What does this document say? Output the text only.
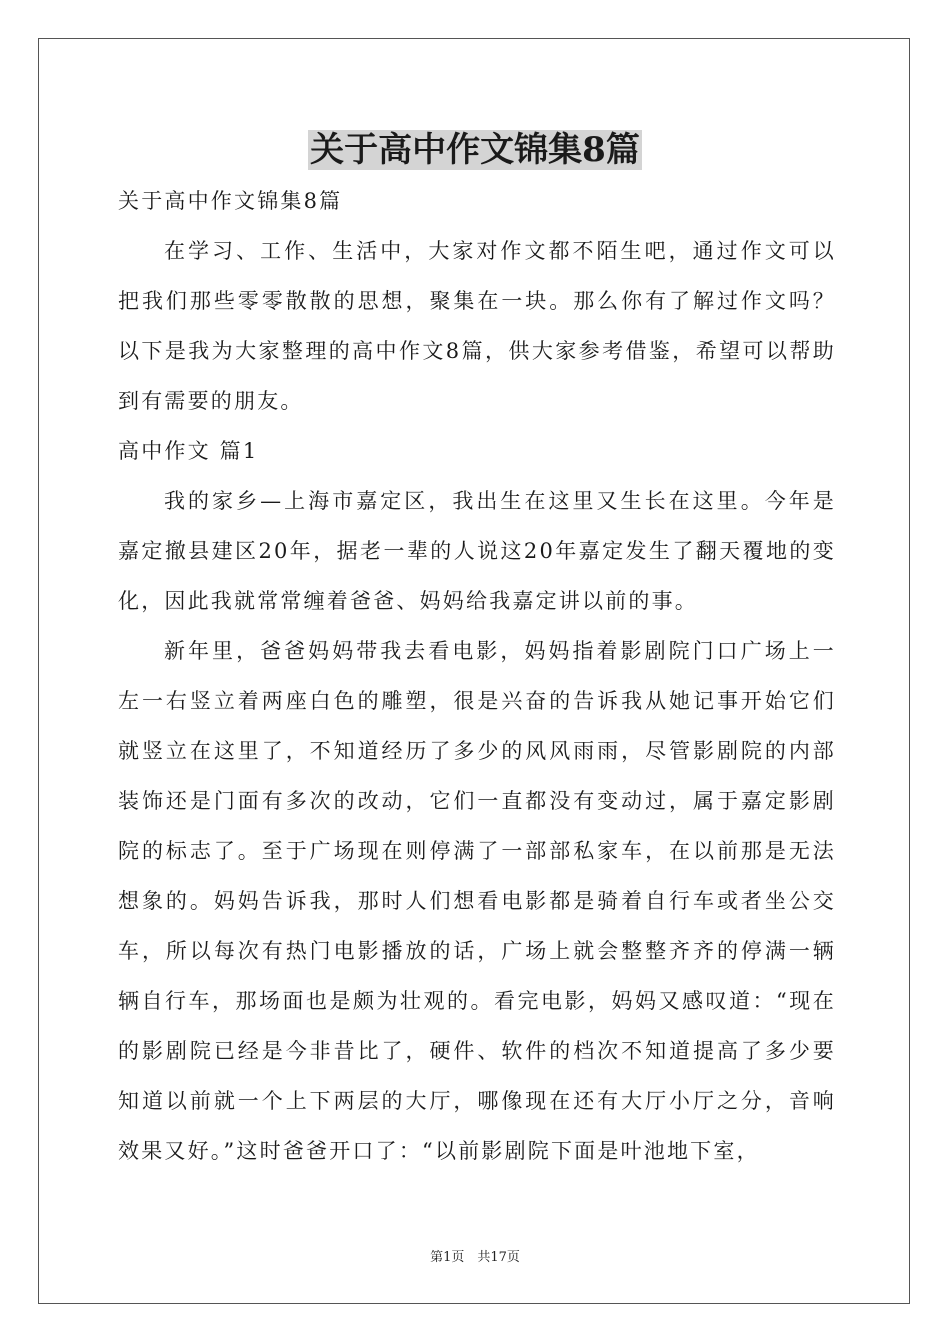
关于高中作文锦集8篇

关于高中作文锦集8篇

在学习、工作、生活中，大家对作文都不陌生吧，通过作文可以把我们那些零零散散的思想，聚集在一块。那么你有了解过作文吗？以下是我为大家整理的高中作文8篇，供大家参考借鉴，希望可以帮助到有需要的朋友。

高中作文 篇1

我的家乡—上海市嘉定区，我出生在这里又生长在这里。今年是嘉定撤县建区20年，据老一辈的人说这20年嘉定发生了翻天覆地的变化，因此我就常常缠着爸爸、妈妈给我嘉定讲以前的事。

新年里，爸爸妈妈带我去看电影，妈妈指着影剧院门口广场上一左一右竖立着两座白色的雕塑，很是兴奋的告诉我从她记事开始它们就竖立在这里了，不知道经历了多少的风风雨雨，尽管影剧院的内部装饰还是门面有多次的改动，它们一直都没有变动过，属于嘉定影剧院的标志了。至于广场现在则停满了一部部私家车，在以前那是无法想象的。妈妈告诉我，那时人们想看电影都是骑着自行车或者坐公交车，所以每次有热门电影播放的话，广场上就会整整齐齐的停满一辆辆自行车，那场面也是颇为壮观的。看完电影，妈妈又感叹道：“现在的影剧院已经是今非昔比了，硬件、软件的档次不知道提高了多少要知道以前就一个上下两层的大厅，哪像现在还有大厅小厅之分，音响效果又好。”这时爸爸开口了：“以前影剧院下面是叶池地下室，

第1页　共17页
